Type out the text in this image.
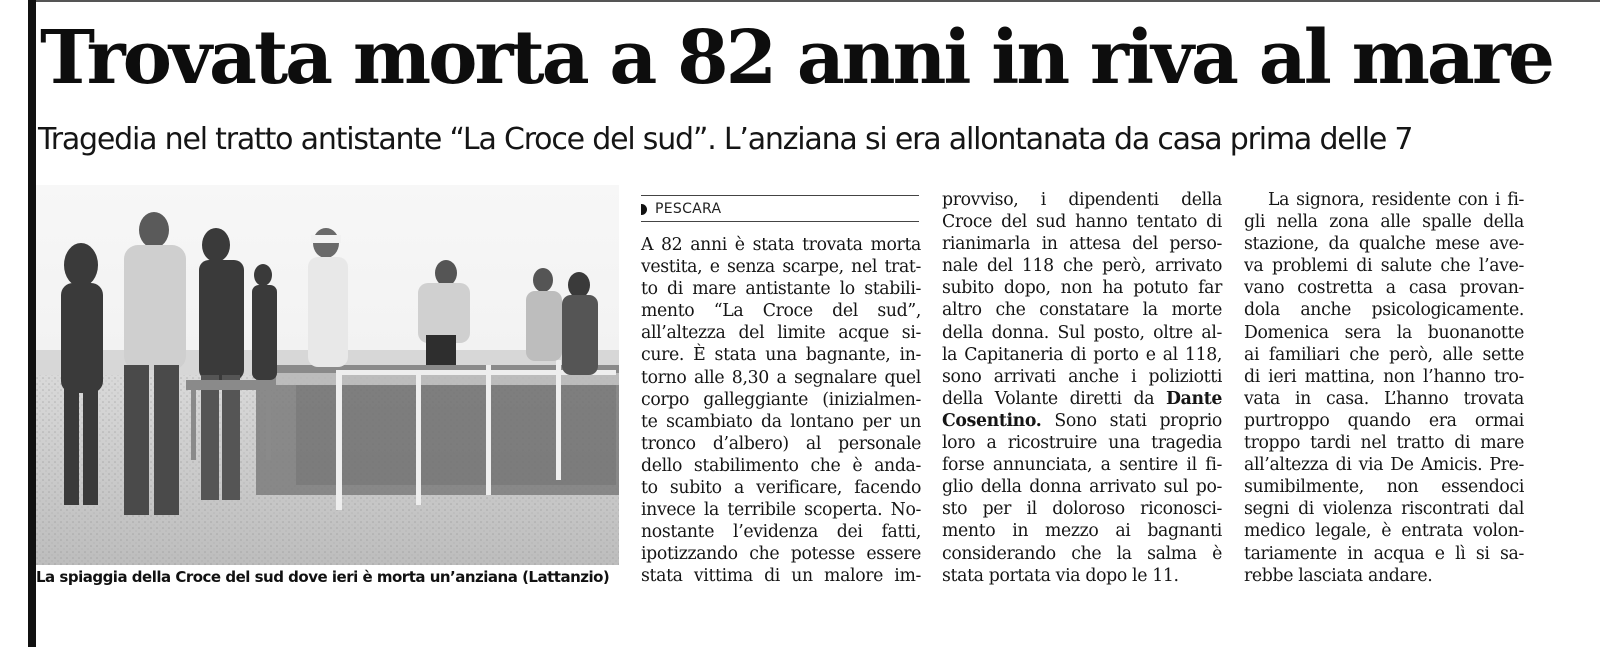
Trovata morta a 82 anni in riva al mare
Tragedia nel tratto antistante “La Croce del sud”. L’anziana si era allontanata da casa prima delle 7
La spiaggia della Croce del sud dove ieri è morta un’anziana (Lattanzio)
PESCARA
A 82 anni è stata trovata morta
vestita, e senza scarpe, nel trat-
to di mare antistante lo stabili-
mento “La Croce del sud”,
all’altezza del limite acque si-
cure. È stata una bagnante, in-
torno alle 8,30 a segnalare quel
corpo galleggiante (inizialmen-
te scambiato da lontano per un
tronco d’albero) al personale
dello stabilimento che è anda-
to subito a verificare, facendo
invece la terribile scoperta. No-
nostante l’evidenza dei fatti,
ipotizzando che potesse essere
stata vittima di un malore im-
provviso, i dipendenti della
Croce del sud hanno tentato di
rianimarla in attesa del perso-
nale del 118 che però, arrivato
subito dopo, non ha potuto far
altro che constatare la morte
della donna. Sul posto, oltre al-
la Capitaneria di porto e al 118,
sono arrivati anche i poliziotti
della Volante diretti da Dante
Cosentino. Sono stati proprio
loro a ricostruire una tragedia
forse annunciata, a sentire il fi-
glio della donna arrivato sul po-
sto per il doloroso riconosci-
mento in mezzo ai bagnanti
considerando che la salma è
stata portata via dopo le 11.
La signora, residente con i fi-
gli nella zona alle spalle della
stazione, da qualche mese ave-
va problemi di salute che l’ave-
vano costretta a casa provan-
dola anche psicologicamente.
Domenica sera la buonanotte
ai familiari che però, alle sette
di ieri mattina, non l’hanno tro-
vata in casa. L’hanno trovata
purtroppo quando era ormai
troppo tardi nel tratto di mare
all’altezza di via De Amicis. Pre-
sumibilmente, non essendoci
segni di violenza riscontrati dal
medico legale, è entrata volon-
tariamente in acqua e lì si sa-
rebbe lasciata andare.
